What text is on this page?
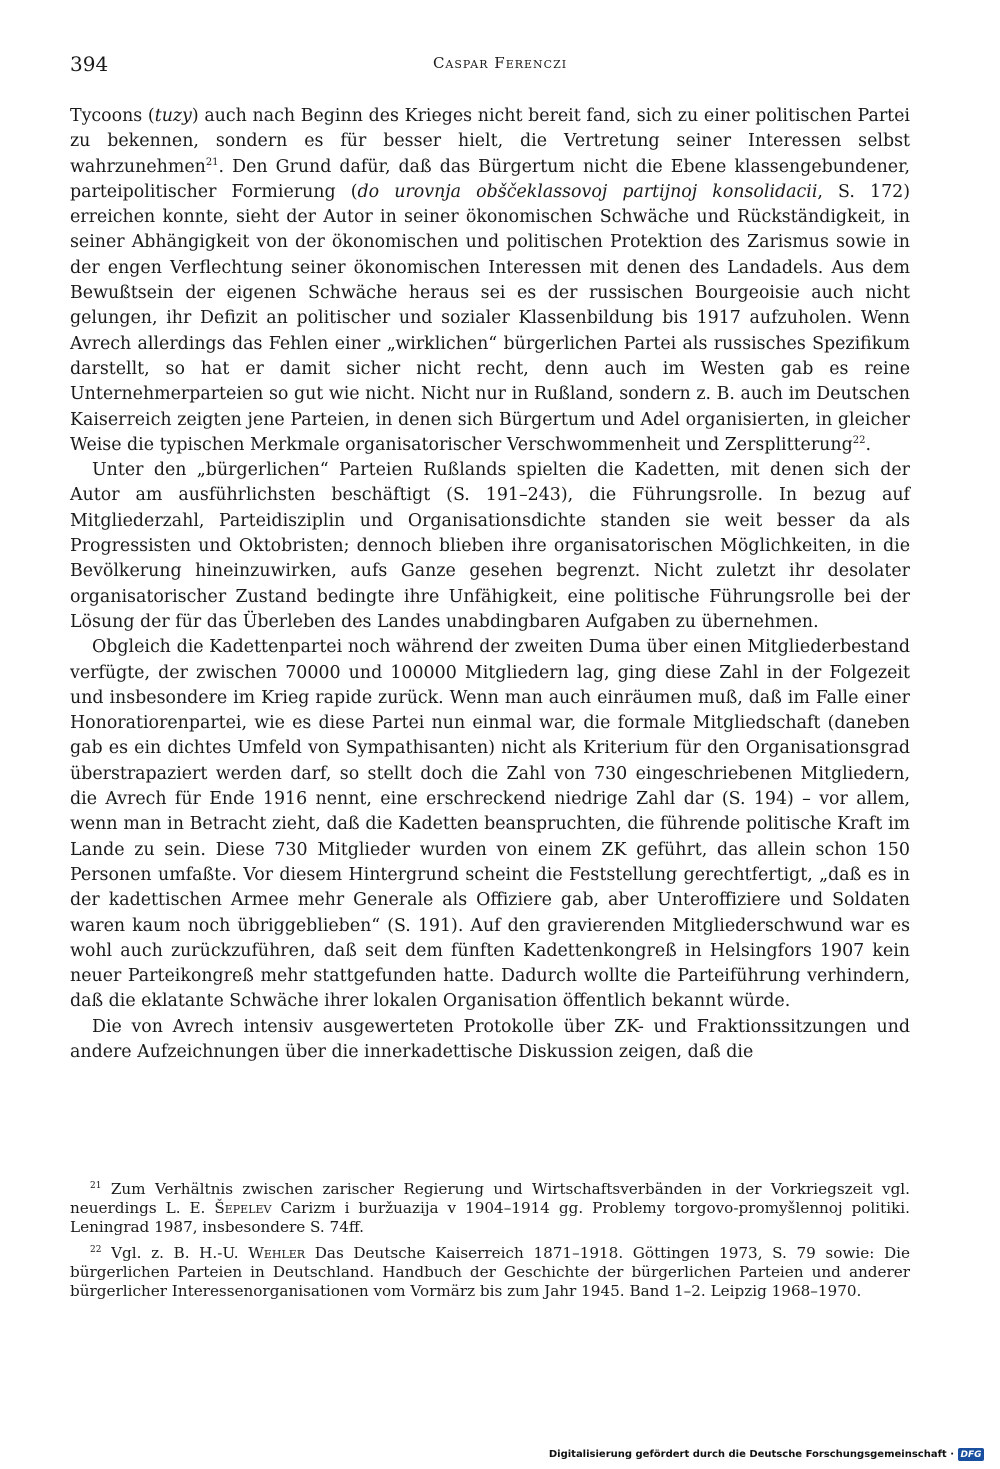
394	Caspar Ferenczi

Tycoons (tuzy) auch nach Beginn des Krieges nicht bereit fand, sich zu einer politischen Partei zu bekennen, sondern es für besser hielt, die Vertretung seiner Interessen selbst wahrzunehmen$^{21}$. Den Grund dafür, daß das Bürgertum nicht die Ebene klassengebundener, parteipolitischer Formierung (do urovnja obščeklassovoj partijnoj konsolidacii, S. 172) erreichen konnte, sieht der Autor in seiner ökonomischen Schwäche und Rückständigkeit, in seiner Abhängigkeit von der ökonomischen und politischen Protektion des Zarismus sowie in der engen Verflechtung seiner ökonomischen Interessen mit denen des Landadels. Aus dem Bewußtsein der eigenen Schwäche heraus sei es der russischen Bourgeoisie auch nicht gelungen, ihr Defizit an politischer und sozialer Klassenbildung bis 1917 aufzuholen. Wenn Avrech allerdings das Fehlen einer „wirklichen“ bürgerlichen Partei als russisches Spezifikum darstellt, so hat er damit sicher nicht recht, denn auch im Westen gab es reine Unternehmerparteien so gut wie nicht. Nicht nur in Rußland, sondern z. B. auch im Deutschen Kaiserreich zeigten jene Parteien, in denen sich Bürgertum und Adel organisierten, in gleicher Weise die typischen Merkmale organisatorischer Verschwommenheit und Zersplitterung$^{22}$.

Unter den „bürgerlichen“ Parteien Rußlands spielten die Kadetten, mit denen sich der Autor am ausführlichsten beschäftigt (S. 191–243), die Führungsrolle. In bezug auf Mitgliederzahl, Parteidisziplin und Organisationsdichte standen sie weit besser da als Progressisten und Oktobristen; dennoch blieben ihre organisatorischen Möglichkeiten, in die Bevölkerung hineinzuwirken, aufs Ganze gesehen begrenzt. Nicht zuletzt ihr desolater organisatorischer Zustand bedingte ihre Unfähigkeit, eine politische Führungsrolle bei der Lösung der für das Überleben des Landes unabdingbaren Aufgaben zu übernehmen.

Obgleich die Kadettenpartei noch während der zweiten Duma über einen Mitgliederbestand verfügte, der zwischen 70000 und 100000 Mitgliedern lag, ging diese Zahl in der Folgezeit und insbesondere im Krieg rapide zurück. Wenn man auch einräumen muß, daß im Falle einer Honoratiorenpartei, wie es diese Partei nun einmal war, die formale Mitgliedschaft (daneben gab es ein dichtes Umfeld von Sympathisanten) nicht als Kriterium für den Organisationsgrad überstrapaziert werden darf, so stellt doch die Zahl von 730 eingeschriebenen Mitgliedern, die Avrech für Ende 1916 nennt, eine erschreckend niedrige Zahl dar (S. 194) – vor allem, wenn man in Betracht zieht, daß die Kadetten beanspruchten, die führende politische Kraft im Lande zu sein. Diese 730 Mitglieder wurden von einem ZK geführt, das allein schon 150 Personen umfaßte. Vor diesem Hintergrund scheint die Feststellung gerechtfertigt, „daß es in der kadettischen Armee mehr Generale als Offiziere gab, aber Unteroffiziere und Soldaten waren kaum noch übriggeblieben“ (S. 191). Auf den gravierenden Mitgliederschwund war es wohl auch zurückzuführen, daß seit dem fünften Kadettenkongreß in Helsingfors 1907 kein neuer Parteikongreß mehr stattgefunden hatte. Dadurch wollte die Parteiführung verhindern, daß die eklatante Schwäche ihrer lokalen Organisation öffentlich bekannt würde.

Die von Avrech intensiv ausgewerteten Protokolle über ZK- und Fraktionssitzungen und andere Aufzeichnungen über die innerkadettische Diskussion zeigen, daß die

$^{21}$ Zum Verhältnis zwischen zarischer Regierung und Wirtschaftsverbänden in der Vorkriegszeit vgl. neuerdings L. E. Šepelev Carizm i buržuazija v 1904–1914 gg. Problemy torgovo-promyšlennoj politiki. Leningrad 1987, insbesondere S. 74ff.

$^{22}$ Vgl. z. B. H.-U. Wehler Das Deutsche Kaiserreich 1871–1918. Göttingen 1973, S. 79 sowie: Die bürgerlichen Parteien in Deutschland. Handbuch der Geschichte der bürgerlichen Parteien und anderer bürgerlicher Interessenorganisationen vom Vormärz bis zum Jahr 1945. Band 1–2. Leipzig 1968–1970.

Digitalisierung gefördert durch die Deutsche Forschungsgemeinschaft · DFG
